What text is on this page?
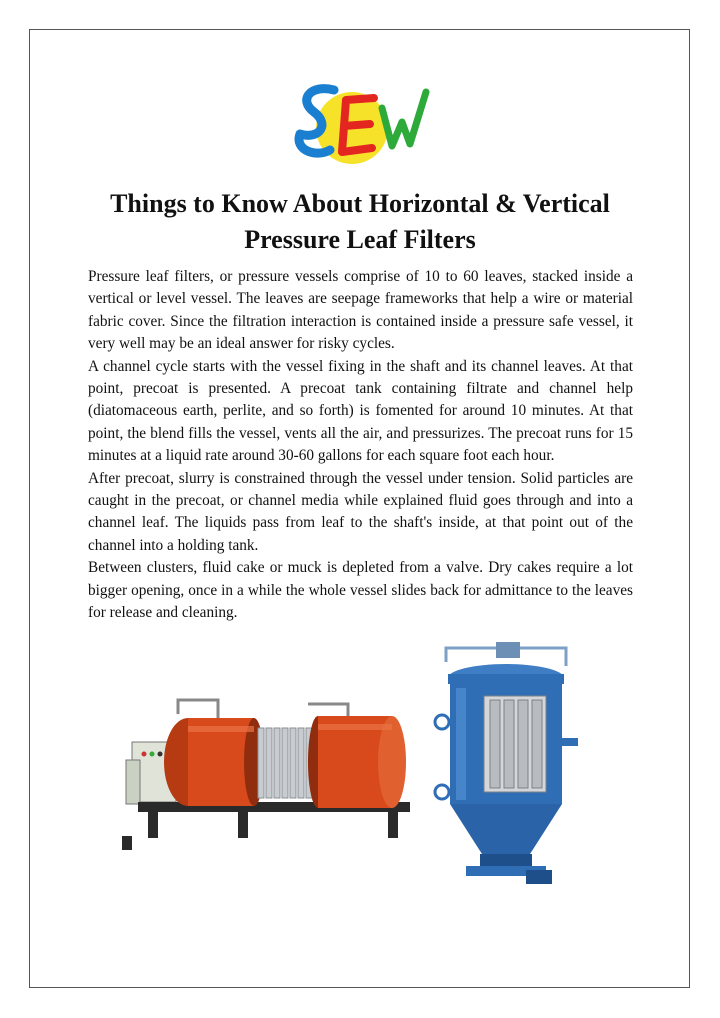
Things to Know About Horizontal & Vertical Pressure Leaf Filters

Pressure leaf filters, or pressure vessels comprise of 10 to 60 leaves, stacked inside a vertical or level vessel. The leaves are seepage frameworks that help a wire or material fabric cover. Since the filtration interaction is contained inside a pressure safe vessel, it very well may be an ideal answer for risky cycles.

A channel cycle starts with the vessel fixing in the shaft and its channel leaves. At that point, precoat is presented. A precoat tank containing filtrate and channel help (diatomaceous earth, perlite, and so forth) is fomented for around 10 minutes. At that point, the blend fills the vessel, vents all the air, and pressurizes. The precoat runs for 15 minutes at a liquid rate around 30-60 gallons for each square foot each hour.

After precoat, slurry is constrained through the vessel under tension. Solid particles are caught in the precoat, or channel media while explained fluid goes through and into a channel leaf. The liquids pass from leaf to the shaft's inside, at that point out of the channel into a holding tank.

Between clusters, fluid cake or muck is depleted from a valve. Dry cakes require a lot bigger opening, once in a while the whole vessel slides back for admittance to the leaves for release and cleaning.
